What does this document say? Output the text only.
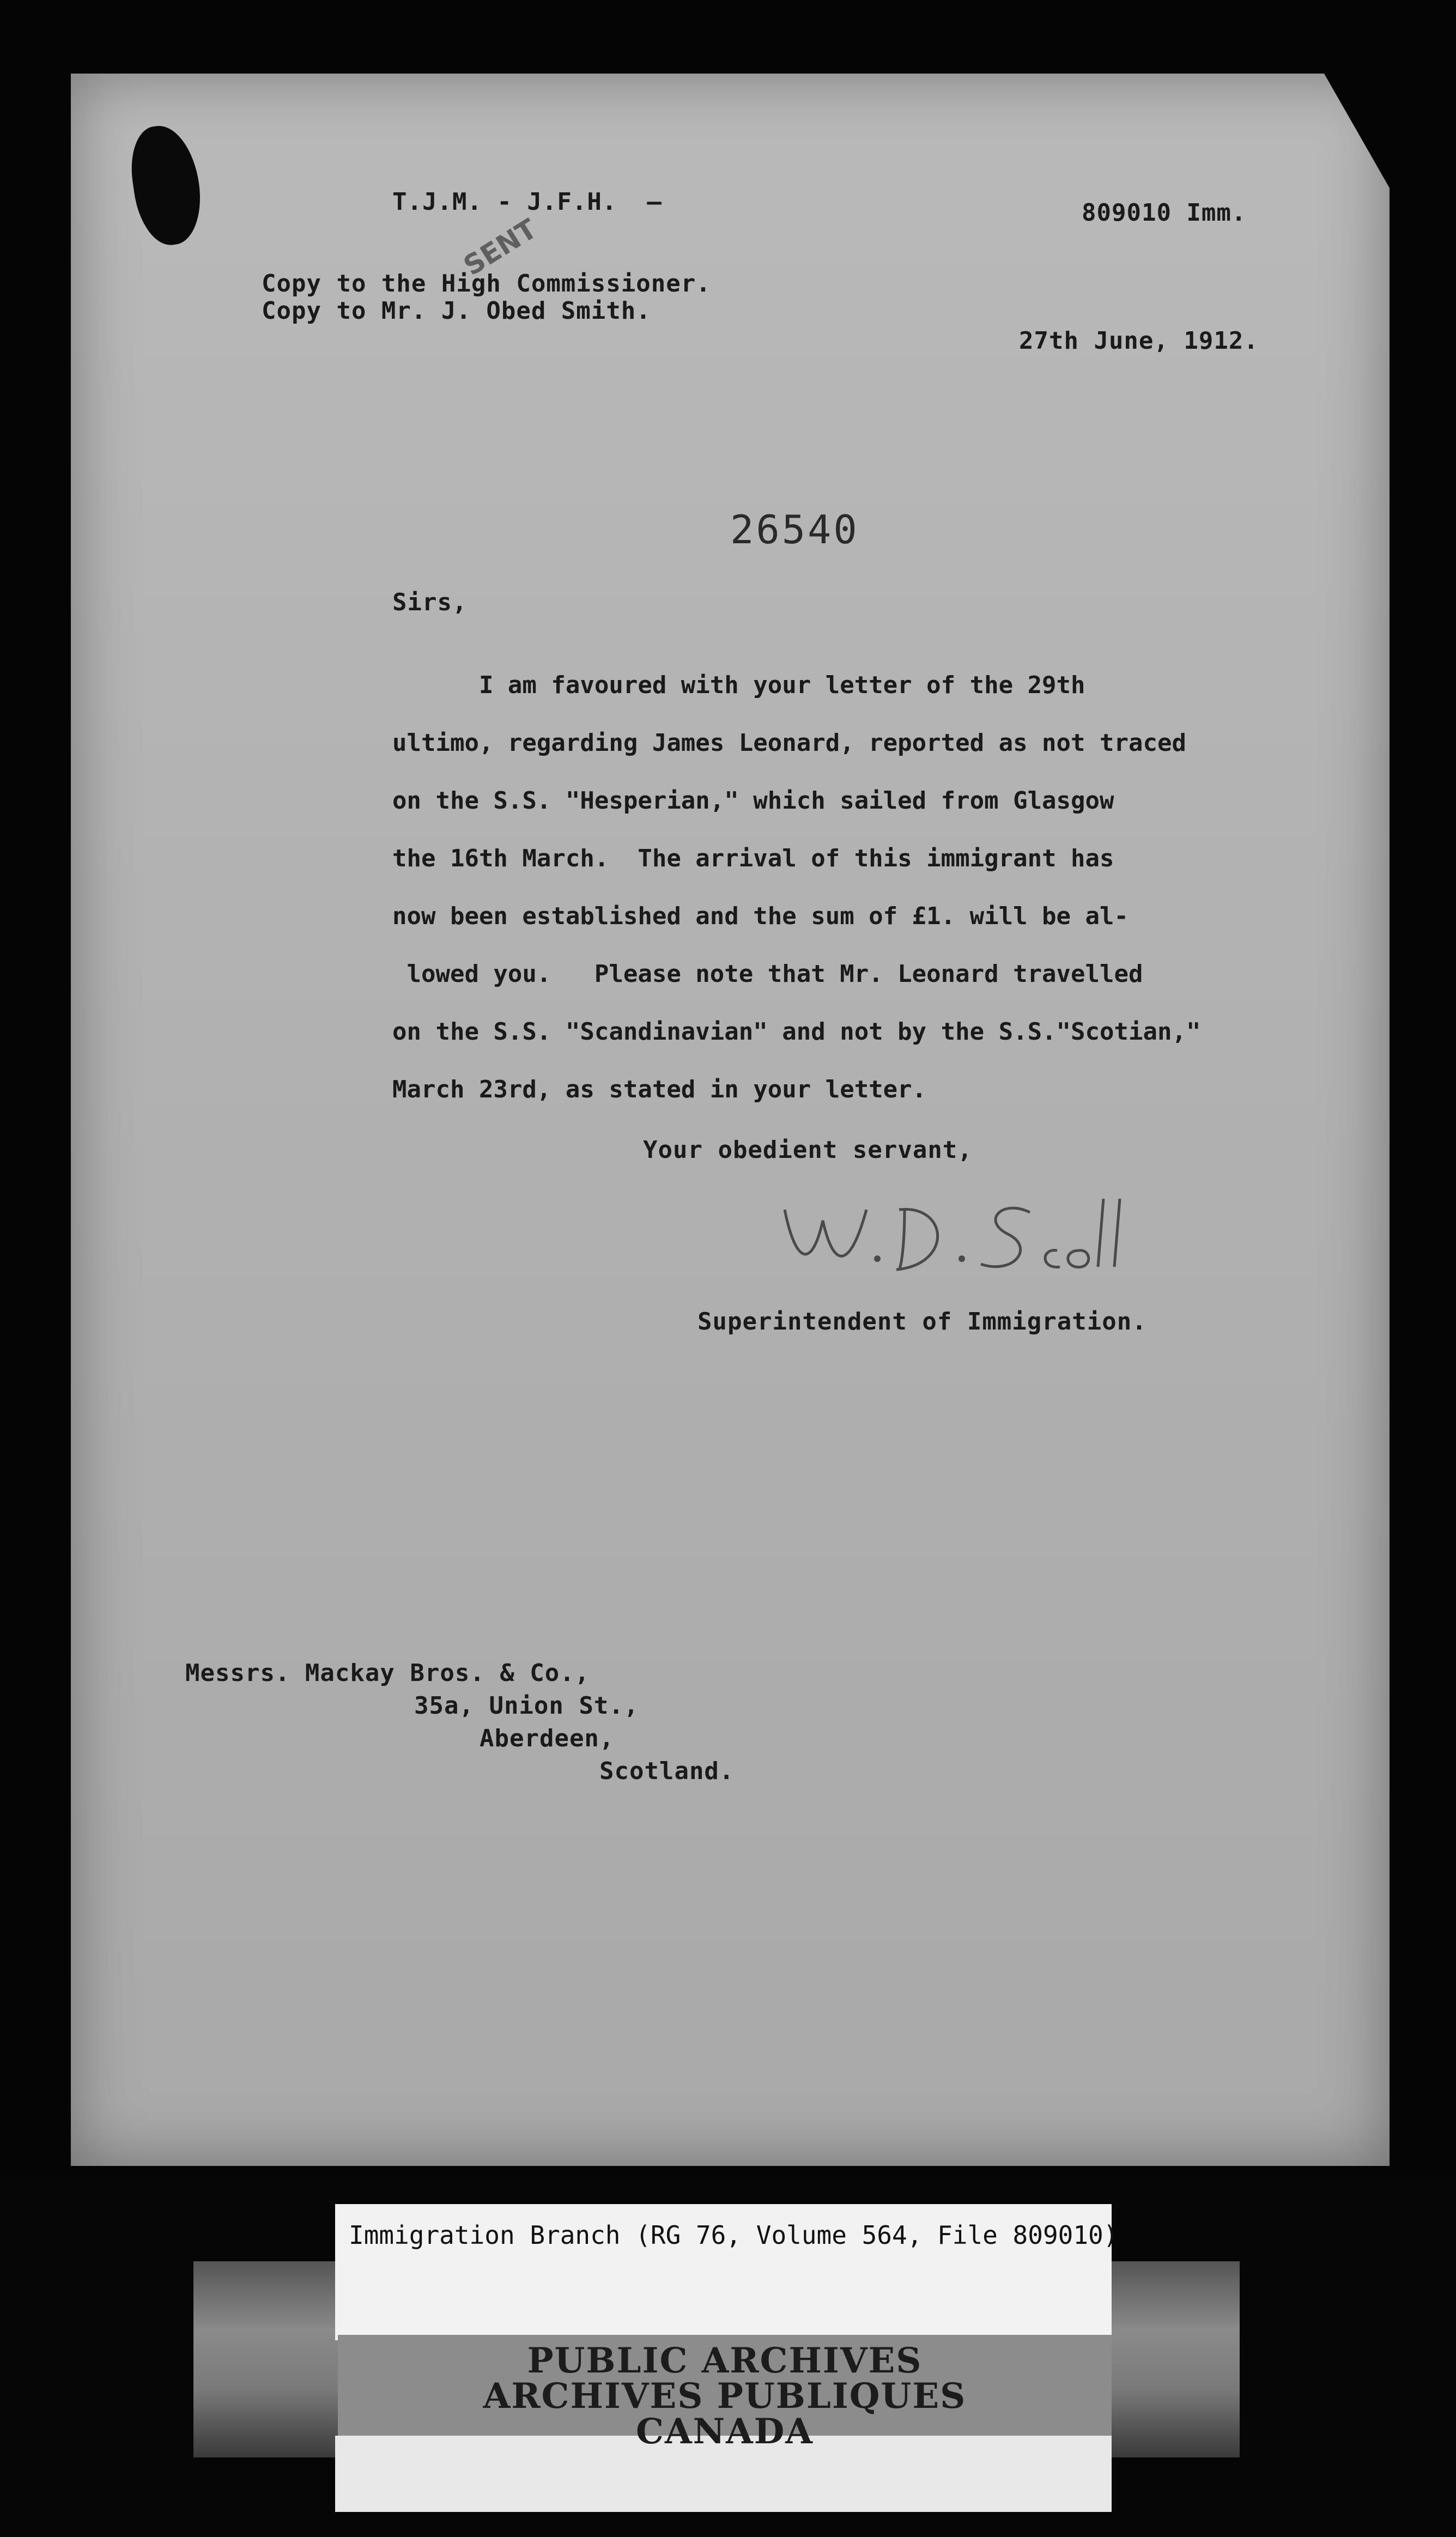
T.J.M. - J.F.H.  —	809010 Imm.
Copy to the High Commissioner.
Copy to Mr. J. Obed Smith.
SENT
27th June, 1912.
26540
Sirs,
I am favoured with your letter of the 29th
ultimo, regarding James Leonard, reported as not traced
on the S.S. "Hesperian," which sailed from Glasgow
the 16th March.  The arrival of this immigrant has
now been established and the sum of £1. will be al-
lowed you.   Please note that Mr. Leonard travelled
on the S.S. "Scandinavian" and not by the S.S."Scotian,"
March 23rd, as stated in your letter.
Your obedient servant,
Superintendent of Immigration.
Messrs. Mackay Bros. & Co.,
35a, Union St.,
Aberdeen,
Scotland.
Immigration Branch (RG 76, Volume 564, File 809010)
PUBLIC ARCHIVES
ARCHIVES PUBLIQUES
CANADA
